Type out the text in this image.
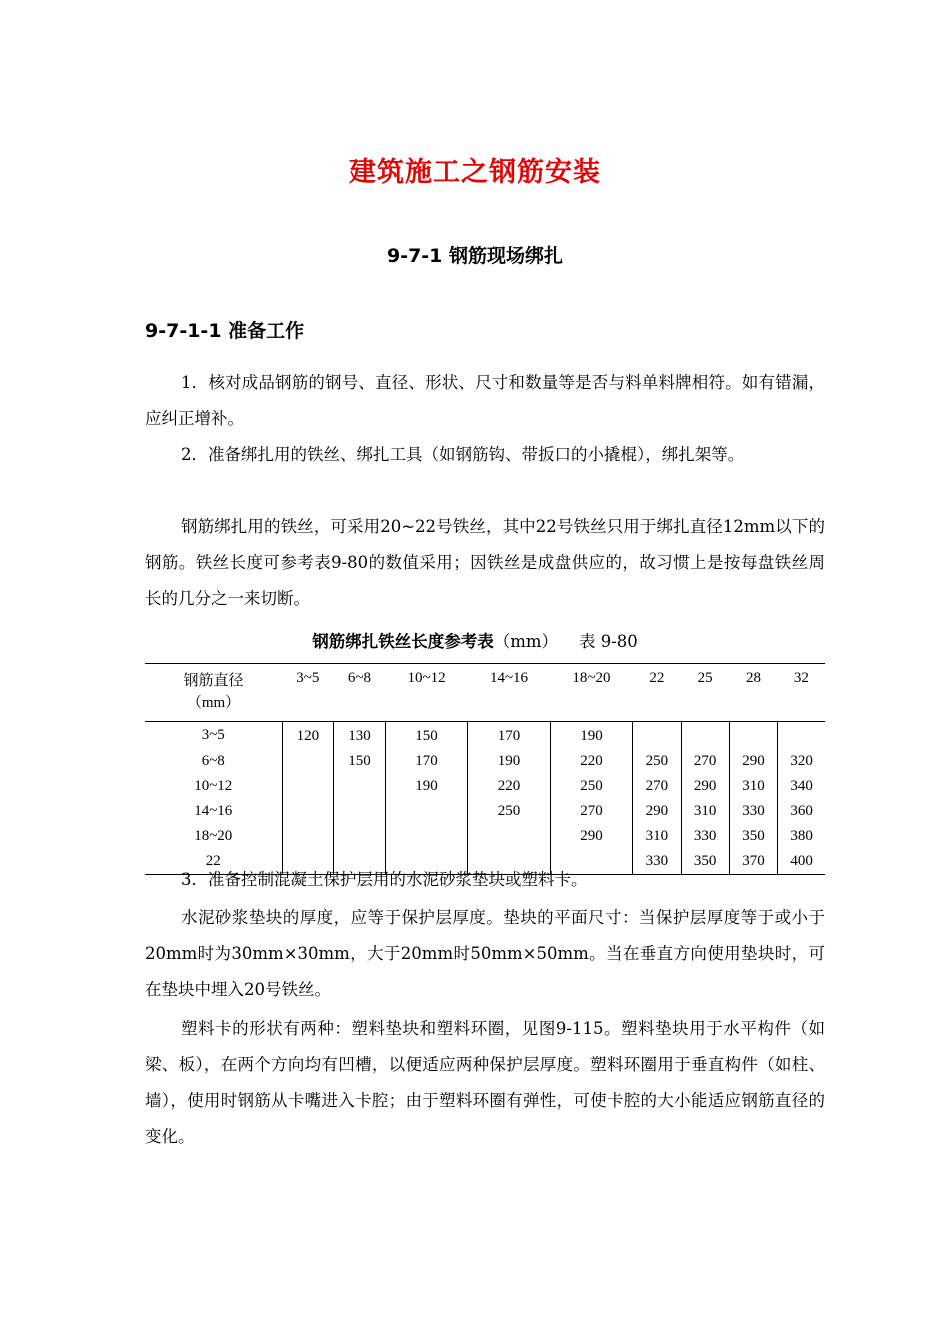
建筑施工之钢筋安装
9-7-1 钢筋现场绑扎
9-7-1-1 准备工作

1．核对成品钢筋的钢号、直径、形状、尺寸和数量等是否与料单料牌相符。如有错漏，应纠正增补。

2．准备绑扎用的铁丝、绑扎工具（如钢筋钩、带扳口的小撬棍），绑扎架等。

钢筋绑扎用的铁丝，可采用20~22号铁丝，其中22号铁丝只用于绑扎直径12mm以下的钢筋。铁丝长度可参考表9-80的数值采用；因铁丝是成盘供应的，故习惯上是按每盘铁丝周长的几分之一来切断。

钢筋绑扎铁丝长度参考表（mm） 表 9-80
钢筋直径
（mm）	3~5	6~8	10~12	14~16	18~20	22	25	28	32
3~5	120	130	150	170	190				
6~8		150	170	190	220	250	270	290	320
10~12			190	220	250	270	290	310	340
14~16				250	270	290	310	330	360
18~20					290	310	330	350	380
22						330	350	370	400

3．准备控制混凝土保护层用的水泥砂浆垫块或塑料卡。

水泥砂浆垫块的厚度，应等于保护层厚度。垫块的平面尺寸：当保护层厚度等于或小于20mm时为30mm×30mm，大于20mm时50mm×50mm。当在垂直方向使用垫块时，可在垫块中埋入20号铁丝。

塑料卡的形状有两种：塑料垫块和塑料环圈，见图9-115。塑料垫块用于水平构件（如梁、板），在两个方向均有凹槽，以便适应两种保护层厚度。塑料环圈用于垂直构件（如柱、墙），使用时钢筋从卡嘴进入卡腔；由于塑料环圈有弹性，可使卡腔的大小能适应钢筋直径的变化。
